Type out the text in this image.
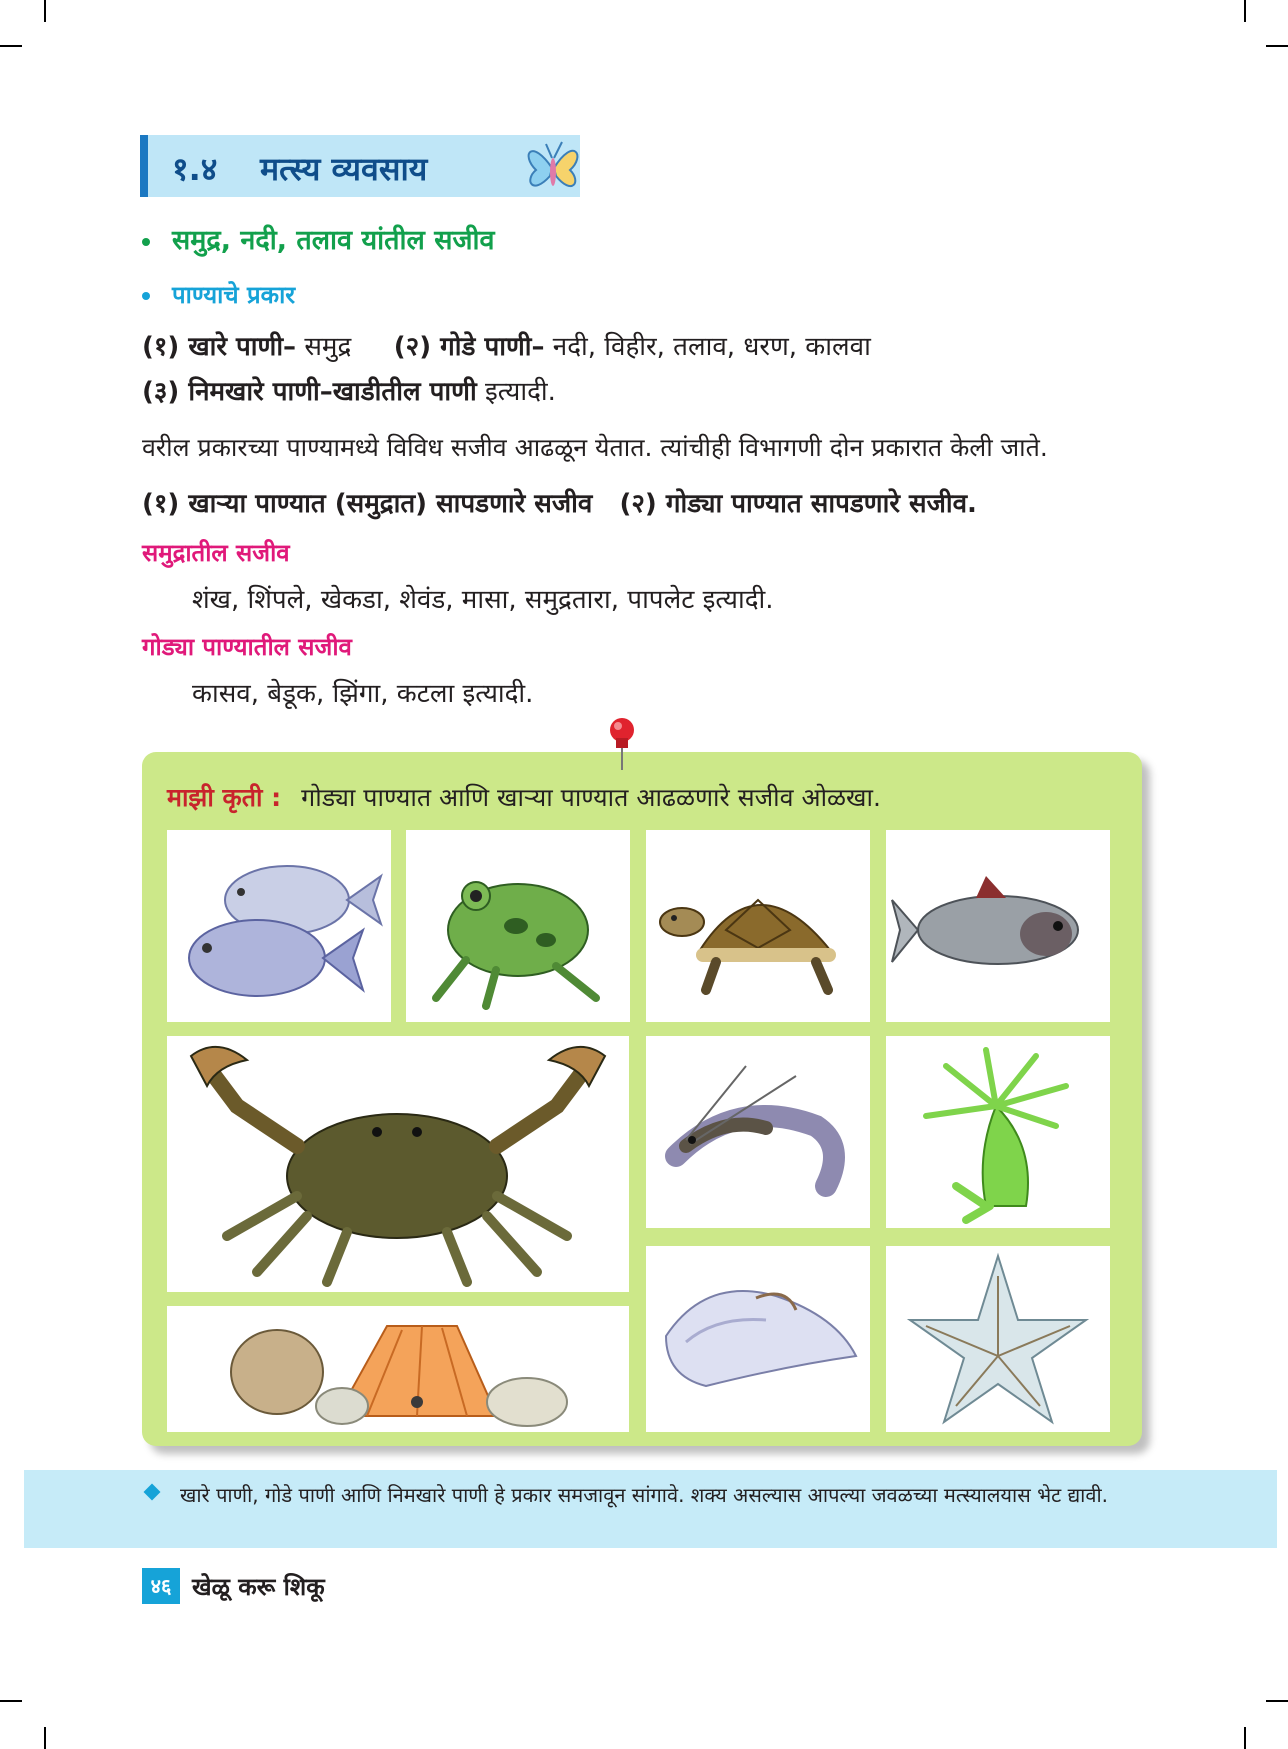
१.४ मत्स्य व्यवसाय
समुद्र, नदी, तलाव यांतील सजीव
पाण्याचे प्रकार
(१) खारे पाणी– समुद्र (२) गोडे पाणी– नदी, विहीर, तलाव, धरण, कालवा
(३) निमखारे पाणी–खाडीतील पाणी इत्यादी.
वरील प्रकारच्या पाण्यामध्ये विविध सजीव आढळून येतात. त्यांचीही विभागणी दोन प्रकारात केली जाते.
(१) खाऱ्या पाण्यात (समुद्रात) सापडणारे सजीव   (२) गोड्या पाण्यात सापडणारे सजीव.
समुद्रातील सजीव
शंख, शिंपले, खेकडा, शेवंड, मासा, समुद्रतारा, पापलेट इत्यादी.
गोड्या पाण्यातील सजीव
कासव, बेडूक, झिंगा, कटला इत्यादी.
माझी कृती : गोड्या पाण्यात आणि खाऱ्या पाण्यात आढळणारे सजीव ओळखा.
खारे पाणी, गोडे पाणी आणि निमखारे पाणी हे प्रकार समजावून सांगावे. शक्य असल्यास आपल्या जवळच्या मत्स्यालयास भेट द्यावी.
४६ खेळू करू शिकू
